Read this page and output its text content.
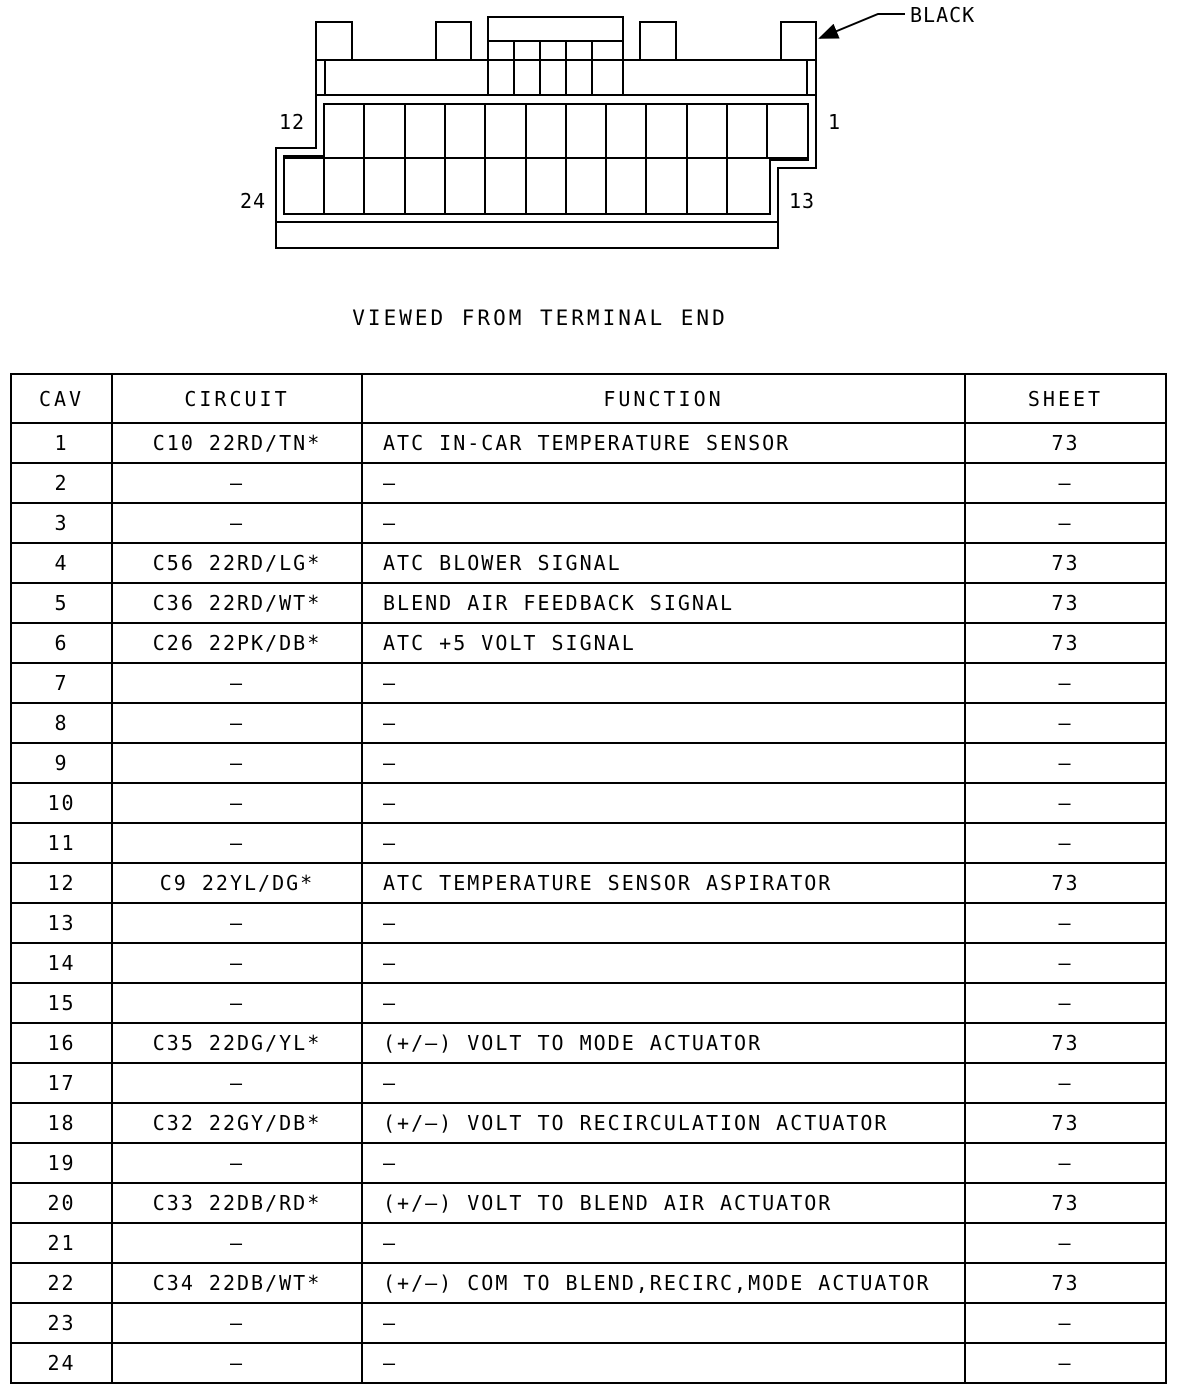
BLACK
12	1
24	13
VIEWED FROM TERMINAL END
CAV	CIRCUIT	FUNCTION	SHEET
1	C10 22RD/TN*	ATC IN-CAR TEMPERATURE SENSOR	73
2	—	—	—
3	—	—	—
4	C56 22RD/LG*	ATC BLOWER SIGNAL	73
5	C36 22RD/WT*	BLEND AIR FEEDBACK SIGNAL	73
6	C26 22PK/DB*	ATC +5 VOLT SIGNAL	73
7	—	—	—
8	—	—	—
9	—	—	—
10	—	—	—
11	—	—	—
12	C9 22YL/DG*	ATC TEMPERATURE SENSOR ASPIRATOR	73
13	—	—	—
14	—	—	—
15	—	—	—
16	C35 22DG/YL*	(+/—) VOLT TO MODE ACTUATOR	73
17	—	—	—
18	C32 22GY/DB*	(+/—) VOLT TO RECIRCULATION ACTUATOR	73
19	—	—	—
20	C33 22DB/RD*	(+/—) VOLT TO BLEND AIR ACTUATOR	73
21	—	—	—
22	C34 22DB/WT*	(+/—) COM TO BLEND,RECIRC,MODE ACTUATOR	73
23	—	—	—
24	—	—	—
